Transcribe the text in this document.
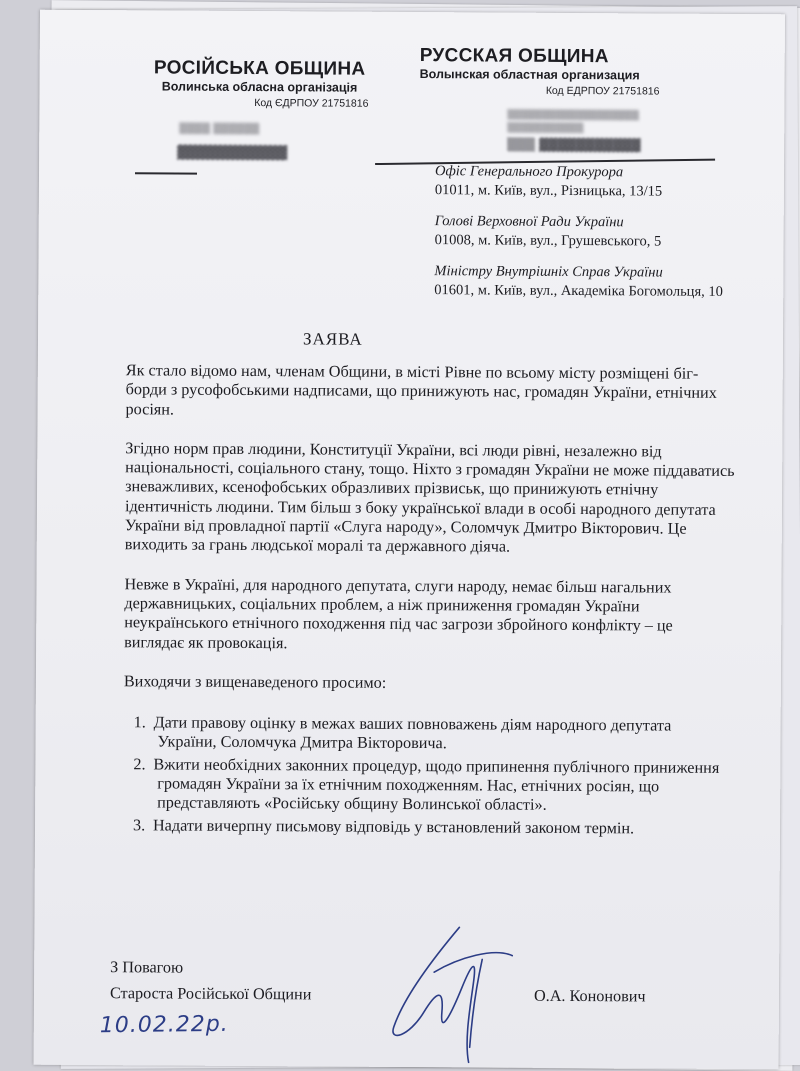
РОСІЙСЬКА ОБЩИНА
Волинська обласна організація
Код ЄДРПОУ 21751816
РУССКАЯ ОБЩИНА
Волынская областная организация
Код ЕДРПОУ 21751816
▒▒▒▒ ▒▒▒▒▒▒
▓▓▓▓▓▓▓▓▓▓▓
▒▒▒▒▒▒▒▒▒▒▒▒▒▒▒▒▒▒▒
▒▒▒▒▒▒▒▒▒▒▒
▒▒▒ ▓▓▓▓▓▓▓▓▓▓▓
Офіс Генерального Прокурора
01011, м. Київ, вул., Різницька, 13/15
Голові Верховної Ради України
01008, м. Київ, вул., Грушевського, 5
Міністру Внутрішніх Справ України
01601, м. Київ, вул., Академіка Богомольця, 10
ЗАЯВА

Як стало відомо нам, членам Общини, в місті Рівне по всьому місту розміщені біг-борди з русофобськими надписами, що принижують нас, громадян України, етнічних росіян.

Згідно норм прав людини, Конституції України, всі люди рівні, незалежно від національності, соціального стану, тощо. Ніхто з громадян України не може піддаватись зневажливих, ксенофобських образливих прізвиськ, що принижують етнічну ідентичність людини. Тим більш з боку української влади в особі народного депутата України від провладної партії «Слуга народу», Соломчук Дмитро Вікторович. Це виходить за грань людської моралі та державного діяча.

Невже в Україні, для народного депутата, слуги народу, немає більш нагальних державницьких, соціальних проблем, а ніж приниження громадян України неукраїнського етнічного походження під час загрози збройного конфлікту – це виглядає як провокація.

Виходячи з вищенаведеного просимо:

1. Дати правову оцінку в межах ваших повноважень діям народного депутата України, Соломчука Дмитра Вікторовича.
2. Вжити необхідних законних процедур, щодо припинення публічного приниження громадян України за їх етнічним походженням. Нас, етнічних росіян, що представляють «Російську общину Волинської області».
3. Надати вичерпну письмову відповідь у встановлений законом термін.
З Повагою
Староста Російської Общини	О.А. Кононович
10.02.22р.
